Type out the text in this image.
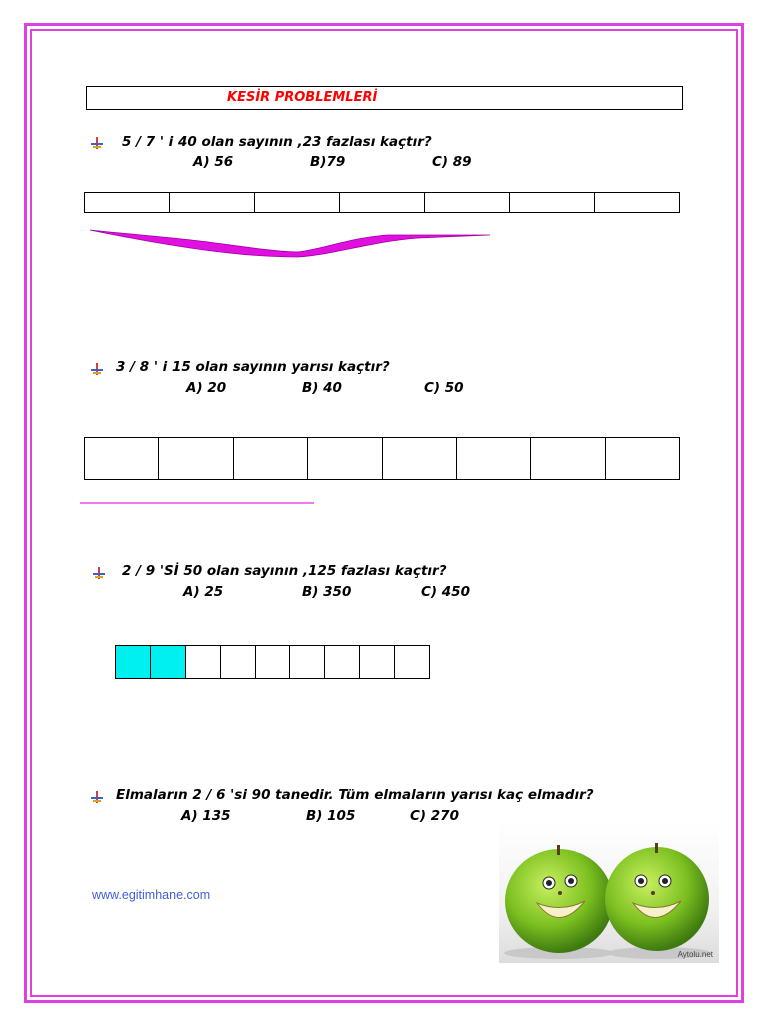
KESİR PROBLEMLERİ
5 / 7 ' i 40 olan sayının ,23 fazlası kaçtır?
A) 56	B)79	C) 89
3 / 8 ' i 15 olan sayının yarısı kaçtır?
A) 20	B) 40	C) 50
2 / 9 'Sİ 50 olan sayının ,125 fazlası kaçtır?
A) 25	B) 350	C) 450
Elmaların 2 / 6 'si 90 tanedir. Tüm elmaların yarısı kaç elmadır?
A) 135	B) 105	C) 270
www.egitimhane.com
Aytolu.net
